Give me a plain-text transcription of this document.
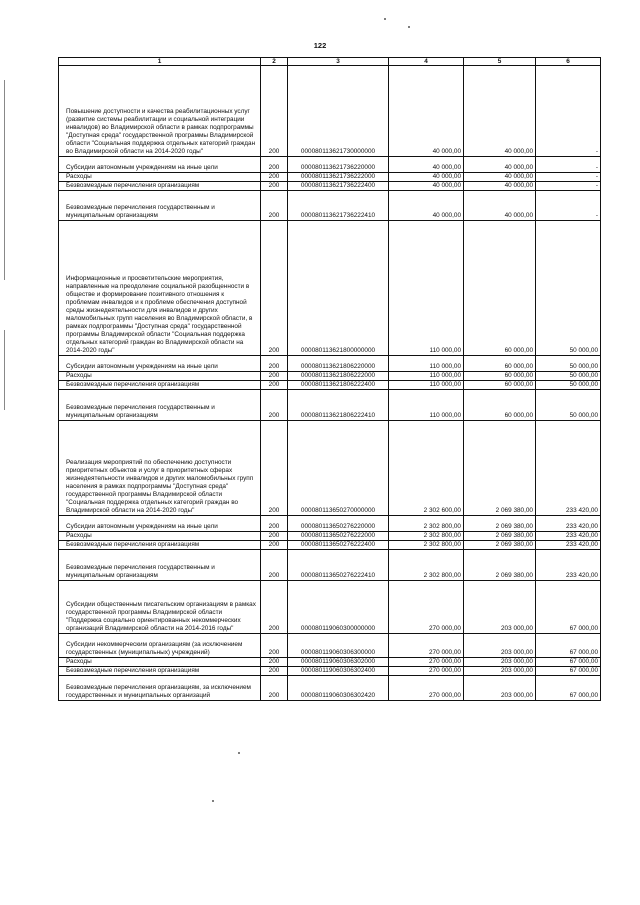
122
1	2	3	4	5	6
Повышение доступности и качества реабилитационных услуг (развитие системы реабилитации и социальной интеграции инвалидов) во Владимирской области в рамках подпрограммы "Доступная среда" государственной программы Владимирской области "Социальная поддержка отдельных категорий граждан во Владимирской области на 2014-2020 годы"	200	000080113621730000000	40 000,00	40 000,00	-
Субсидии автономным учреждениям на иные цели	200	000080113621736220000	40 000,00	40 000,00	-
Расходы	200	000080113621736222000	40 000,00	40 000,00	-
Безвозмездные перечисления организациям	200	000080113621736222400	40 000,00	40 000,00	-
Безвозмездные перечисления государственным и муниципальным организациям	200	000080113621736222410	40 000,00	40 000,00	-
Информационные и просветительские мероприятия, направленные на преодоление социальной разобщенности в обществе и формирование позитивного отношения к проблемам инвалидов и к проблеме обеспечения доступной среды жизнедеятельности для инвалидов и других маломобильных групп населения во Владимирской области, в рамках подпрограммы "Доступная среда" государственной программы Владимирской области "Социальная поддержка отдельных категорий граждан во Владимирской области на 2014-2020 годы"	200	000080113621800000000	110 000,00	60 000,00	50 000,00
Субсидии автономным учреждениям на иные цели	200	000080113621806220000	110 000,00	60 000,00	50 000,00
Расходы	200	000080113621806222000	110 000,00	60 000,00	50 000,00
Безвозмездные перечисления организациям	200	000080113621806222400	110 000,00	60 000,00	50 000,00
Безвозмездные перечисления государственным и муниципальным организациям	200	000080113621806222410	110 000,00	60 000,00	50 000,00
Реализация мероприятий по обеспечению доступности приоритетных объектов и услуг в приоритетных сферах жизнедеятельности инвалидов и других маломобильных групп населения в рамках подпрограммы "Доступная среда" государственной программы Владимирской области "Социальная поддержка отдельных категорий граждан во Владимирской области на 2014-2020 годы"	200	000080113650270000000	2 302 600,00	2 069 380,00	233 420,00
Субсидии автономным учреждениям на иные цели	200	000080113650276220000	2 302 800,00	2 069 380,00	233 420,00
Расходы	200	000080113650276222000	2 302 800,00	2 069 380,00	233 420,00
Безвозмездные перечисления организациям	200	000080113650276222400	2 302 800,00	2 069 380,00	233 420,00
Безвозмездные перечисления государственным и муниципальным организациям	200	000080113650276222410	2 302 800,00	2 069 380,00	233 420,00
Субсидии общественным писательским организациям в рамках государственной программы Владимирской области "Поддержка социально ориентированных некоммерческих организаций Владимирской области на 2014-2016 годы"	200	000080119060300000000	270 000,00	203 000,00	67 000,00
Субсидии некоммерческим организациям (за исключением государственных (муниципальных) учреждений)	200	000080119060306300000	270 000,00	203 000,00	67 000,00
Расходы	200	000080119060306302000	270 000,00	203 000,00	67 000,00
Безвозмездные перечисления организациям	200	000080119060306302400	270 000,00	203 000,00	67 000,00
Безвозмездные перечисления организациям, за исключением государственных и муниципальных организаций	200	000080119060306302420	270 000,00	203 000,00	67 000,00
